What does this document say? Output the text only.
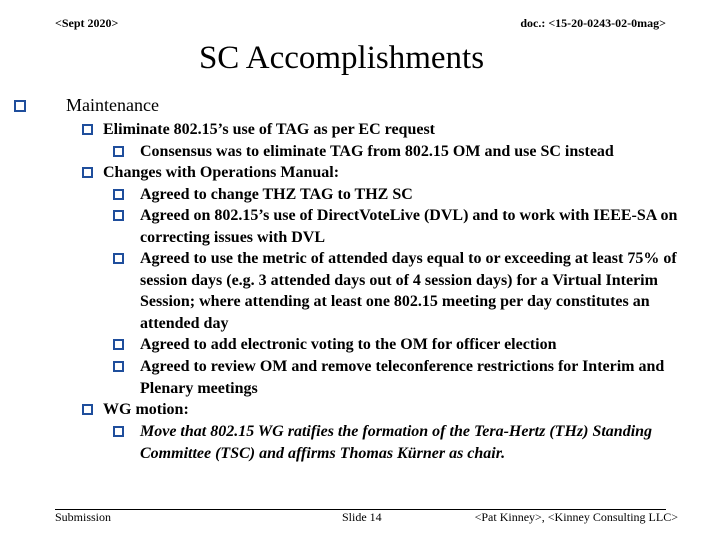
<Sept 2020>	doc.: <15-20-0243-02-0mag>
SC Accomplishments
Maintenance
Eliminate 802.15’s use of TAG as per EC request
Consensus was to eliminate TAG from 802.15 OM and use SC instead
Changes with Operations Manual:
Agreed to change THZ TAG to THZ SC
Agreed on 802.15’s use of DirectVoteLive (DVL) and to work with IEEE-SA on correcting issues with DVL
Agreed to use the metric of attended days equal to or exceeding at least 75% of session days (e.g. 3 attended days out of 4 session days) for a Virtual Interim Session; where attending at least one 802.15 meeting per day constitutes an attended day
Agreed to add electronic voting to the OM for officer election
Agreed to review OM and remove teleconference restrictions for Interim and Plenary meetings
WG motion:
Move that 802.15 WG ratifies the formation of the Tera-Hertz (THz) Standing Committee (TSC) and affirms Thomas Kürner as chair.
Submission	Slide 14	<Pat Kinney>, <Kinney Consulting LLC>
